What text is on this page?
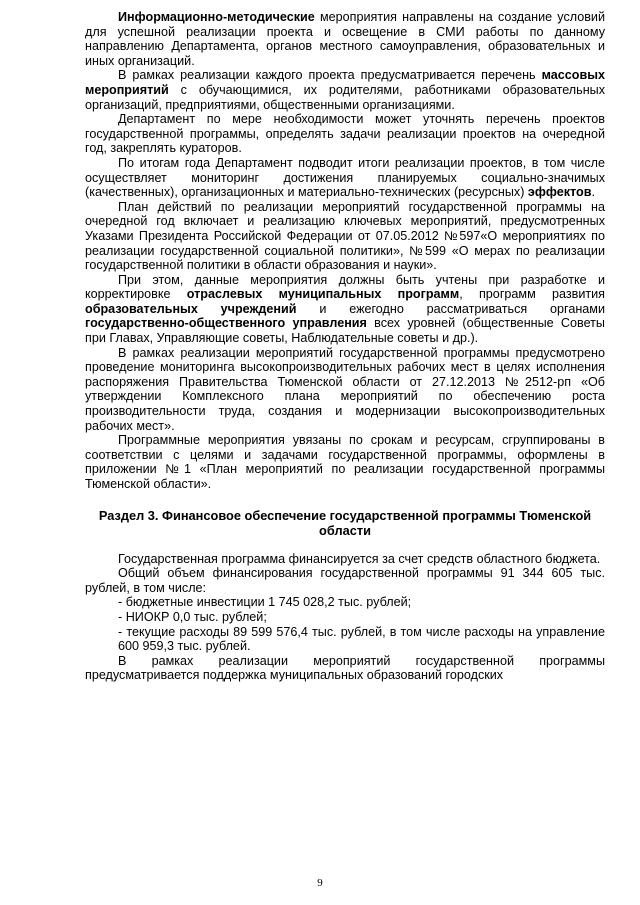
Информационно-методические мероприятия направлены на создание условий для успешной реализации проекта и освещение в СМИ работы по данному направлению Департамента, органов местного самоуправления, образовательных и иных организаций.

В рамках реализации каждого проекта предусматривается перечень массовых мероприятий с обучающимися, их родителями, работниками образовательных организаций, предприятиями, общественными организациями.

Департамент по мере необходимости может уточнять перечень проектов государственной программы, определять задачи реализации проектов на очередной год, закреплять кураторов.

По итогам года Департамент подводит итоги реализации проектов, в том числе осуществляет мониторинг достижения планируемых социально-значимых (качественных), организационных и материально-технических (ресурсных) эффектов.

План действий по реализации мероприятий государственной программы на очередной год включает и реализацию ключевых мероприятий, предусмотренных Указами Президента Российской Федерации от 07.05.2012 №597«О мероприятиях по реализации государственной социальной политики», №599 «О мерах по реализации государственной политики в области образования и науки».

При этом, данные мероприятия должны быть учтены при разработке и корректировке отраслевых муниципальных программ, программ развития образовательных учреждений и ежегодно рассматриваться органами государственно-общественного управления всех уровней (общественные Советы при Главах, Управляющие советы, Наблюдательные советы и др.).

В рамках реализации мероприятий государственной программы предусмотрено проведение мониторинга высокопроизводительных рабочих мест в целях исполнения распоряжения Правительства Тюменской области от 27.12.2013 №2512-рп «Об утверждении Комплексного плана мероприятий по обеспечению роста производительности труда, создания и модернизации высокопроизводительных рабочих мест».

Программные мероприятия увязаны по срокам и ресурсам, сгруппированы в соответствии с целями и задачами государственной программы, оформлены в приложении №1 «План мероприятий по реализации государственной программы Тюменской области».

Раздел 3. Финансовое обеспечение государственной программы Тюменской области

Государственная программа финансируется за счет средств областного бюджета.

Общий объем финансирования государственной программы 91 344 605 тыс. рублей, в том числе:

- бюджетные инвестиции 1 745 028,2 тыс. рублей;

- НИОКР 0,0 тыс. рублей;

- текущие расходы 89 599 576,4 тыс. рублей, в том числе расходы на управление 600 959,3 тыс. рублей.

В рамках реализации мероприятий государственной программы предусматривается поддержка муниципальных образований городских

9
